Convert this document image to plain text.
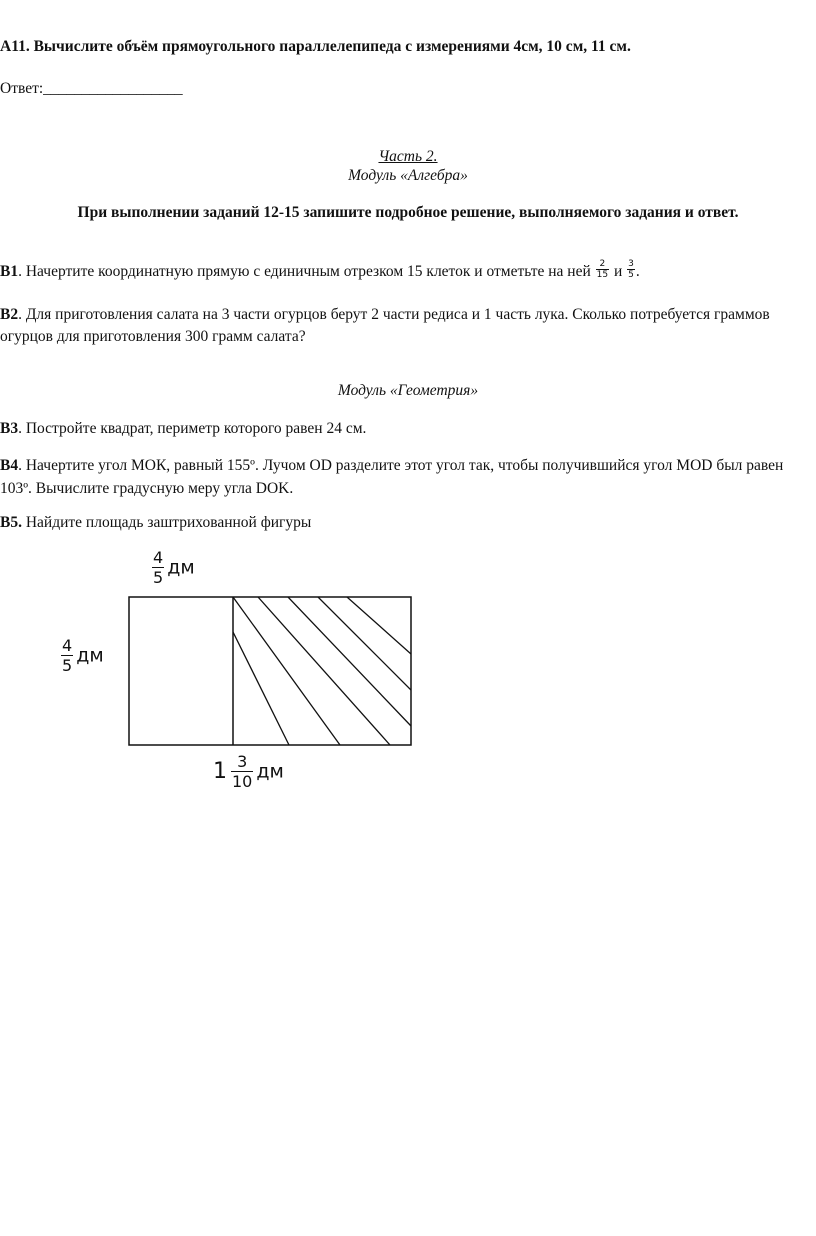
А11. Вычислите объём прямоугольного параллелепипеда с измерениями 4см, 10 см, 11 см.
Ответ:__________________
Часть 2.
Модуль «Алгебра»
При выполнении заданий 12-15 запишите подробное решение, выполняемого задания и ответ.
В1. Начертите координатную прямую с единичным отрезком 15 клеток и отметьте на ней $\frac{2}{15}$ и $\frac{3}{5}$ .
В2. Для приготовления салата на 3 части огурцов берут 2 части редиса и 1 часть лука. Сколько потребуется граммов
огурцов для приготовления 300 грамм салата?
Модуль «Геометрия»
В3. Постройте квадрат, периметр которого равен 24 см.
В4. Начертите угол МОК, равный 155º. Лучом OD разделите этот угол так, чтобы получившийся угол MOD был равен
103º. Вычислите градусную меру угла DOK.
В5. Найдите площадь заштрихованной фигуры
$\frac{4}{5}$ дм
$\frac{4}{5}$ дм
$1 \frac{3}{10}$ дм
